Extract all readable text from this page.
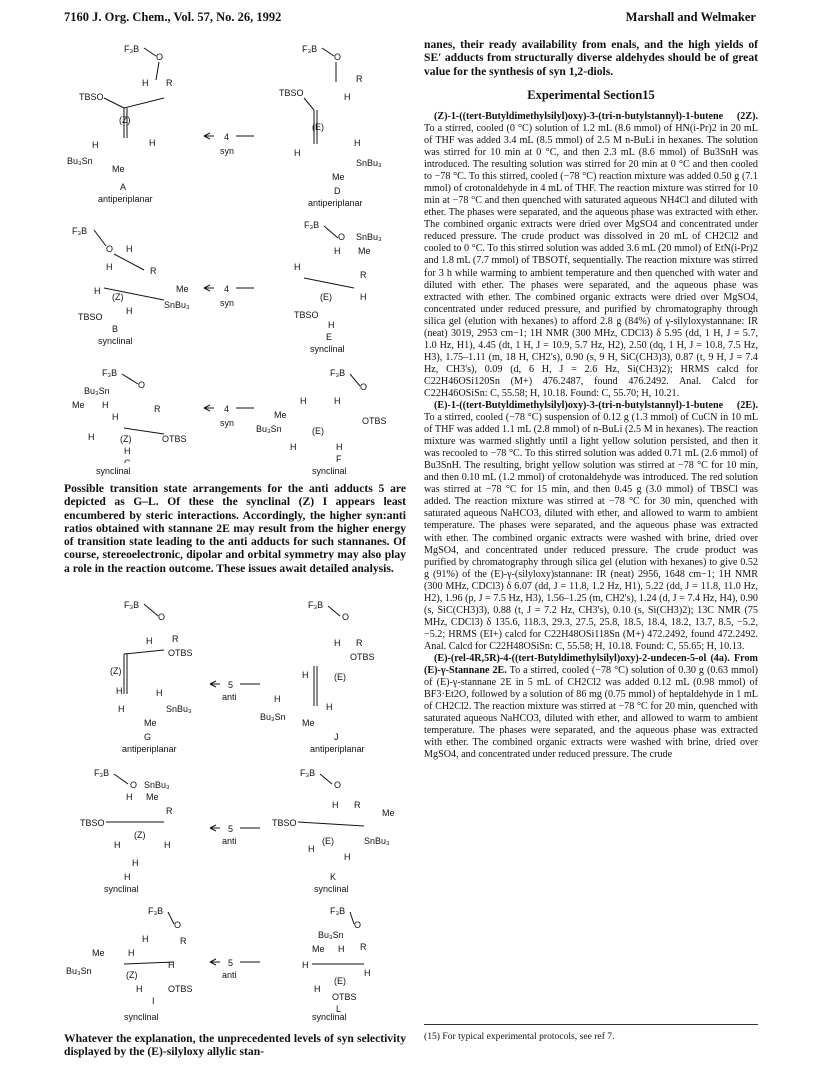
7160 J. Org. Chem., Vol. 57, No. 26, 1992	Marshall and Welmaker
F₃B
O
H R
TBSO
(Z)
H	H
Bu₃Sn
Me
A
antiperiplanar
4
syn
F₃B
O
R
H
TBSO
(E)
H
H
SnBu₃
Me
D
antiperiplanar
F₃B
O H
R
H
H	Me
SnBu₃
(Z)
H
TBSO
B
synclinal
4
syn
F₃B
O SnBu₃
H Me
H
R
(E)	H
TBSO
H
E
synclinal
F₃B
O
Bu₃Sn
Me H
H
R
H	(Z)	OTBS
H
C
4
syn
F₃B
O
H	H
Me
Bu₃Sn	(E)
OTBS
H	H
F
synclinal	synclinal

Possible transition state arrangements for the anti adducts 5 are depicted as G–L. Of these the synclinal (Z) I appears least encumbered by steric interactions. Accordingly, the higher syn:anti ratios obtained with stannane 2E may result from the higher energy of transition state leading to the anti adducts for such stannanes. Of course, stereoelectronic, dipolar and orbital symmetry may also play a role in the reaction outcome. These issues await detailed analysis.

F₃B
O
H R
OTBS
(Z)
H	H
H	SnBu₃
Me
G
antiperiplanar
5
anti
F₃B
O
H R
OTBS
H	(E)
H
H
Bu₃Sn
Me
J
antiperiplanar
F₃B
O SnBu₃
H Me
R
TBSO
(Z)
H	H
H
H
synclinal
5
anti
F₃B
O
H R
Me
TBSO
(E)
H
SnBu₃
H
K
synclinal
F₃B
O
H	R
Me	H
Bu₃Sn	(Z)
H
H	OTBS
I
5
anti
F₃B
O
Bu₃Sn
Me H R
H
(E)
H
H
OTBS
L
synclinal	synclinal

Whatever the explanation, the unprecedented levels of syn selectivity displayed by the (E)-silyloxy allylic stan-

nanes, their ready availability from enals, and the high yields of SE′ adducts from structurally diverse aldehydes should be of great value for the synthesis of syn 1,2-diols.

Experimental Section15

(Z)-1-((tert-Butyldimethylsilyl)oxy)-3-(tri-n-butylstannyl)-1-butene (2Z). To a stirred, cooled (0 °C) solution of 1.2 mL (8.6 mmol) of HN(i-Pr)2 in 20 mL of THF was added 3.4 mL (8.5 mmol) of 2.5 M n-BuLi in hexanes. The solution was stirred for 10 min at 0 °C, and then 2.3 mL (8.6 mmol) of Bu3SnH was introduced. The resulting solution was stirred for 20 min at 0 °C and then cooled to −78 °C. To this stirred, cooled (−78 °C) reaction mixture was added 0.50 g (7.1 mmol) of crotonaldehyde in 4 mL of THF. The reaction mixture was stirred for 10 min at −78 °C and then quenched with saturated aqueous NH4Cl and diluted with ether. The phases were separated, and the aqueous phase was extracted with ether. The combined organic extracts were dried over MgSO4 and concentrated under reduced pressure. The crude product was dissolved in 20 mL of CH2Cl2 and cooled to 0 °C. To this stirred solution was added 3.6 mL (20 mmol) of EtN(i-Pr)2 and 1.8 mL (7.7 mmol) of TBSOTf, sequentially. The reaction mixture was stirred for 3 h while warming to ambient temperature and then quenched with water and diluted with ether. The phases were separated, and the aqueous phase was extracted with ether. The combined organic extracts were dried over MgSO4, concentrated under reduced pressure, and purified by chromatography through silica gel (elution with hexanes) to afford 2.8 g (84%) of γ-silyloxystannane: IR (neat) 3019, 2953 cm−1; 1H NMR (300 MHz, CDCl3) δ 5.95 (dd, 1 H, J = 5.7, 1.0 Hz, H1), 4.45 (dt, 1 H, J = 10.9, 5.7 Hz, H2), 2.50 (dq, 1 H, J = 10.8, 7.5 Hz, H3), 1.75–1.11 (m, 18 H, CH2's), 0.90 (s, 9 H, SiC(CH3)3), 0.87 (t, 9 H, J = 7.4 Hz, CH3's), 0.09 (d, 6 H, J = 2.6 Hz, Si(CH3)2); HRMS calcd for C22H46OSi120Sn (M+) 476.2487, found 476.2492. Anal. Calcd for C22H46OSiSn: C, 55.58; H, 10.18. Found: C, 55.70; H, 10.21.

(E)-1-((tert-Butyldimethylsilyl)oxy)-3-(tri-n-butylstannyl)-1-butene (2E). To a stirred, cooled (−78 °C) suspension of 0.12 g (1.3 mmol) of CuCN in 10 mL of THF was added 1.1 mL (2.8 mmol) of n-BuLi (2.5 M in hexanes). The reaction mixture was warmed slightly until a light yellow solution persisted, and then it was recooled to −78 °C. To this stirred solution was added 0.71 mL (2.6 mmol) of Bu3SnH. The resulting, bright yellow solution was stirred at −78 °C for 10 min, and then 0.10 mL (1.2 mmol) of crotonaldehyde was introduced. The red solution was stirred at −78 °C for 15 min, and then 0.45 g (3.0 mmol) of TBSCl was added. The reaction mixture was stirred at −78 °C for 30 min, quenched with saturated aqueous NaHCO3, diluted with ether, and allowed to warm to ambient temperature. The phases were separated, and the aqueous phase was extracted with ether. The combined organic extracts were washed with brine, dried over MgSO4, and concentrated under reduced pressure. The crude product was purified by chromatography through silica gel (elution with hexanes) to give 0.52 g (91%) of the (E)-γ-(silyloxy)stannane: IR (neat) 2956, 1648 cm−1; 1H NMR (300 MHz, CDCl3) δ 6.07 (dd, J = 11.8, 1.2 Hz, H1), 5.22 (dd, J = 11.8, 11.0 Hz, H2), 1.96 (p, J = 7.5 Hz, H3), 1.56–1.25 (m, CH2's), 1.24 (d, J = 7.4 Hz, H4), 0.90 (s, SiC(CH3)3), 0.88 (t, J = 7.2 Hz, CH3's), 0.10 (s, Si(CH3)2); 13C NMR (75 MHz, CDCl3) δ 135.6, 118.3, 29.3, 27.5, 25.8, 18.5, 18.4, 18.2, 13.7, 8.5, −5.2, −5.2; HRMS (EI+) calcd for C22H48OSi118Sn (M+) 472.2492, found 472.2492. Anal. Calcd for C22H48OSiSn: C, 55.58; H, 10.18. Found: C, 55.65; H, 10.13.

(E)-(rel-4R,5R)-4-((tert-Butyldimethylsilyl)oxy)-2-undecen-5-ol (4a). From (E)-γ-Stannane 2E. To a stirred, cooled (−78 °C) solution of 0.30 g (0.63 mmol) of (E)-γ-stannane 2E in 5 mL of CH2Cl2 was added 0.12 mL (0.98 mmol) of BF3·Et2O, followed by a solution of 86 mg (0.75 mmol) of heptaldehyde in 1 mL of CH2Cl2. The reaction mixture was stirred at −78 °C for 20 min, quenched with saturated aqueous NaHCO3, diluted with ether, and allowed to warm to ambient temperature. The phases were separated, and the aqueous phase was extracted with ether. The combined organic extracts were washed with brine, dried over MgSO4, and concentrated under reduced pressure. The crude

(15) For typical experimental protocols, see ref 7.
